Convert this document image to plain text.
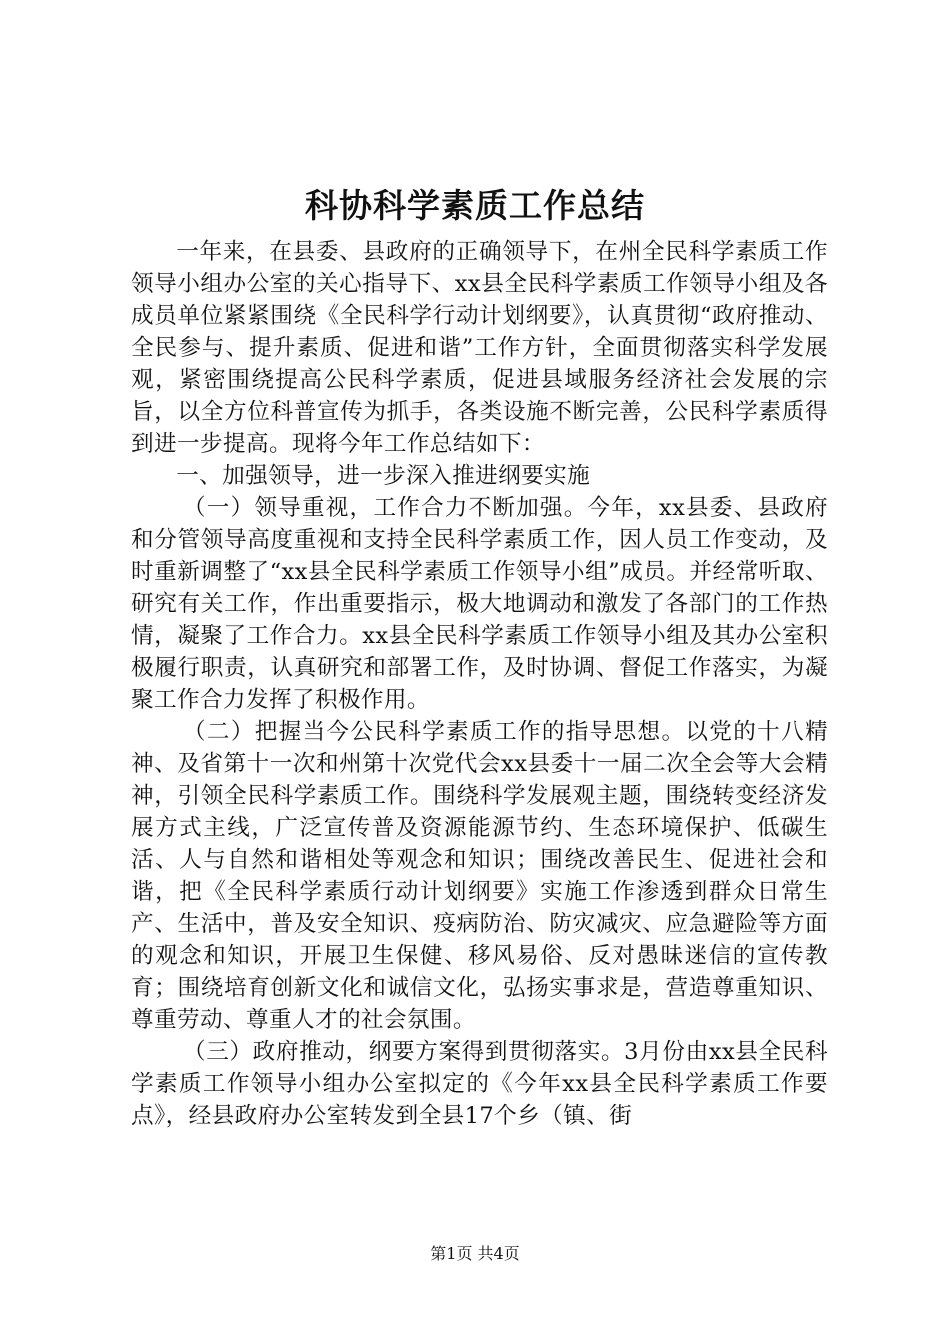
科协科学素质工作总结

一年来，在县委、县政府的正确领导下，在州全民科学素质工作领导小组办公室的关心指导下、xx县全民科学素质工作领导小组及各成员单位紧紧围绕《全民科学行动计划纲要》，认真贯彻“政府推动、全民参与、提升素质、促进和谐”工作方针，全面贯彻落实科学发展观，紧密围绕提高公民科学素质，促进县域服务经济社会发展的宗旨，以全方位科普宣传为抓手，各类设施不断完善，公民科学素质得到进一步提高。现将今年工作总结如下：

一、加强领导，进一步深入推进纲要实施

（一）领导重视，工作合力不断加强。今年，xx县委、县政府和分管领导高度重视和支持全民科学素质工作，因人员工作变动，及时重新调整了“xx县全民科学素质工作领导小组”成员。并经常听取、研究有关工作，作出重要指示，极大地调动和激发了各部门的工作热情，凝聚了工作合力。xx县全民科学素质工作领导小组及其办公室积极履行职责，认真研究和部署工作，及时协调、督促工作落实，为凝聚工作合力发挥了积极作用。

（二）把握当今公民科学素质工作的指导思想。以党的十八精神、及省第十一次和州第十次党代会xx县委十一届二次全会等大会精神，引领全民科学素质工作。围绕科学发展观主题，围绕转变经济发展方式主线，广泛宣传普及资源能源节约、生态环境保护、低碳生活、人与自然和谐相处等观念和知识；围绕改善民生、促进社会和谐，把《全民科学素质行动计划纲要》实施工作渗透到群众日常生产、生活中，普及安全知识、疫病防治、防灾减灾、应急避险等方面的观念和知识，开展卫生保健、移风易俗、反对愚昧迷信的宣传教育；围绕培育创新文化和诚信文化，弘扬实事求是，营造尊重知识、尊重劳动、尊重人才的社会氛围。

（三）政府推动，纲要方案得到贯彻落实。3月份由xx县全民科学素质工作领导小组办公室拟定的《今年xx县全民科学素质工作要点》，经县政府办公室转发到全县17个乡（镇、街

第1页 共4页
